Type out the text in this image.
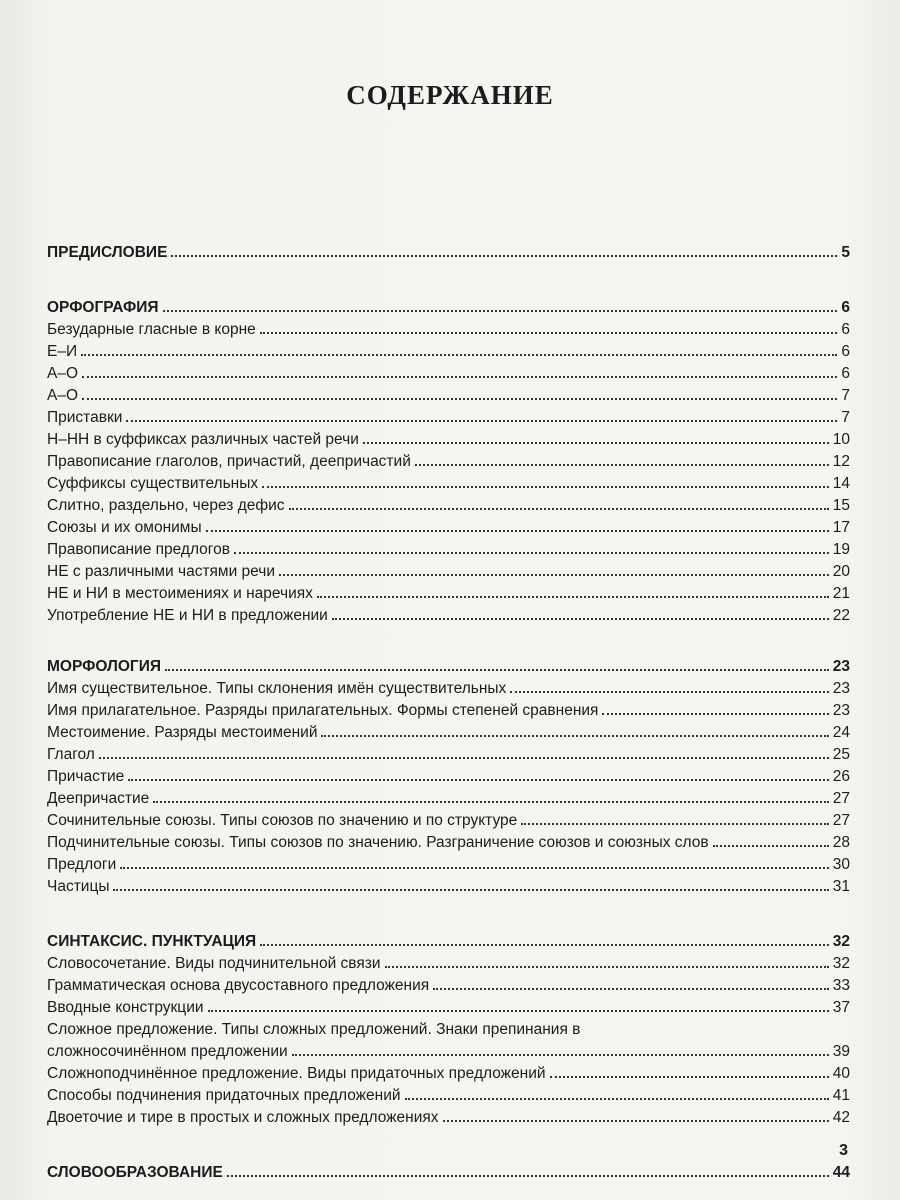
СОДЕРЖАНИЕ
ПРЕДИСЛОВИЕ	5
ОРФОГРАФИЯ	6
Безударные гласные в корне	6
Е–И	6
А–О	6
А–О	7
Приставки	7
Н–НН в суффиксах различных частей речи	10
Правописание глаголов, причастий, деепричастий	12
Суффиксы существительных	14
Слитно, раздельно, через дефис	15
Союзы и их омонимы	17
Правописание предлогов	19
НЕ с различными частями речи	20
НЕ и НИ в местоимениях и наречиях	21
Употребление НЕ и НИ в предложении	22
МОРФОЛОГИЯ	23
Имя существительное. Типы склонения имён существительных	23
Имя прилагательное. Разряды прилагательных. Формы степеней сравнения	23
Местоимение. Разряды местоимений	24
Глагол	25
Причастие	26
Деепричастие	27
Сочинительные союзы. Типы союзов по значению и по структуре	27
Подчинительные союзы. Типы союзов по значению. Разграничение союзов и союзных слов	28
Предлоги	30
Частицы	31
СИНТАКСИС. ПУНКТУАЦИЯ	32
Словосочетание. Виды подчинительной связи	32
Грамматическая основа двусоставного предложения	33
Вводные конструкции	37
Сложное предложение. Типы сложных предложений. Знаки препинания в
сложносочинённом предложении	39
Сложноподчинённое предложение. Виды придаточных предложений	40
Способы подчинения придаточных предложений	41
Двоеточие и тире в простых и сложных предложениях	42
СЛОВООБРАЗОВАНИЕ	44
3
